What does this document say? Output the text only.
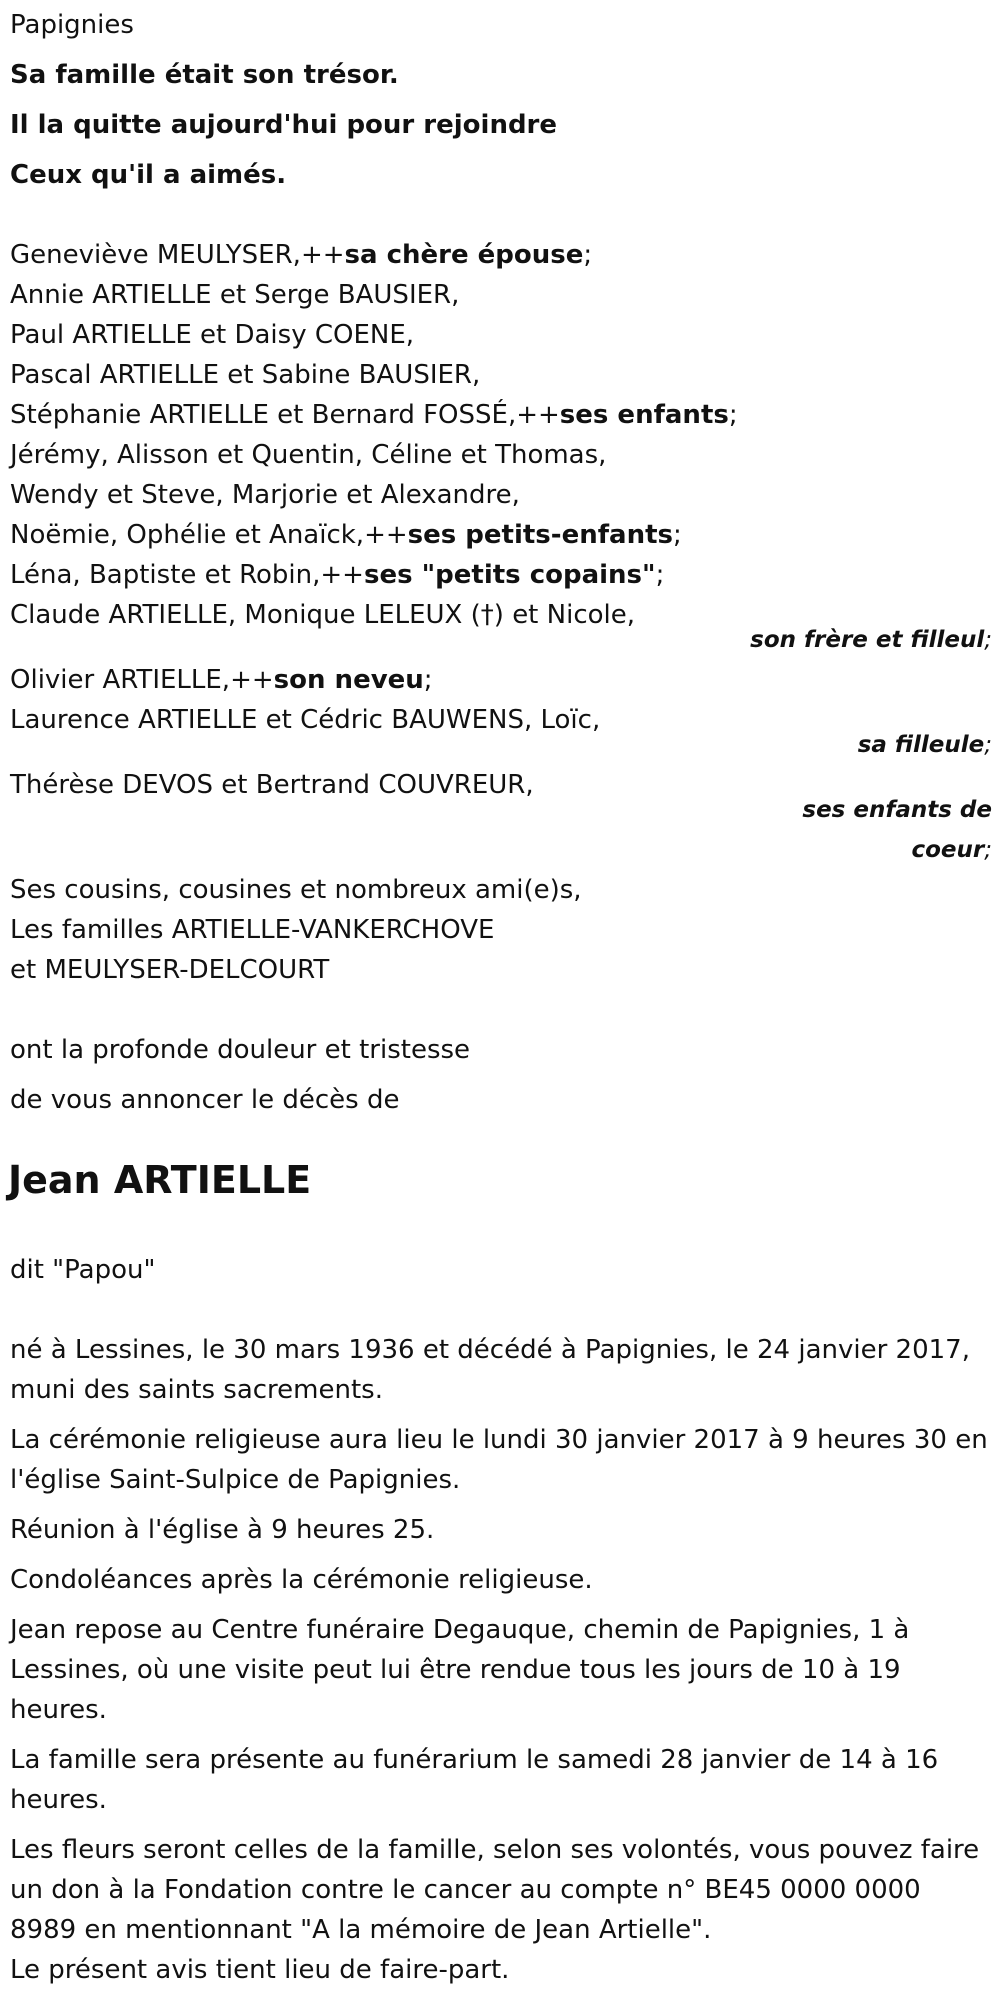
Papignies
Sa famille était son trésor.
Il la quitte aujourd'hui pour rejoindre
Ceux qu'il a aimés.
Geneviève MEULYSER,++sa chère épouse;
Annie ARTIELLE et Serge BAUSIER,
Paul ARTIELLE et Daisy COENE,
Pascal ARTIELLE et Sabine BAUSIER,
Stéphanie ARTIELLE et Bernard FOSSÉ,++ses enfants;
Jérémy, Alisson et Quentin, Céline et Thomas,
Wendy et Steve, Marjorie et Alexandre,
Noëmie, Ophélie et Anaïck,++ses petits-enfants;
Léna, Baptiste et Robin,++ses "petits copains";
Claude ARTIELLE, Monique LELEUX (†) et Nicole,
son frère et filleul;
Olivier ARTIELLE,++son neveu;
Laurence ARTIELLE et Cédric BAUWENS, Loïc,
sa filleule;
Thérèse DEVOS et Bertrand COUVREUR,
ses enfants de
coeur;
Ses cousins, cousines et nombreux ami(e)s,
Les familles ARTIELLE-VANKERCHOVE
et MEULYSER-DELCOURT
ont la profonde douleur et tristesse
de vous annoncer le décès de
Jean ARTIELLE
dit "Papou"
né à Lessines, le 30 mars 1936 et décédé à Papignies, le 24 janvier 2017, muni des saints sacrements.
La cérémonie religieuse aura lieu le lundi 30 janvier 2017 à 9 heures 30 en l'église Saint-Sulpice de Papignies.
Réunion à l'église à 9 heures 25.
Condoléances après la cérémonie religieuse.
Jean repose au Centre funéraire Degauque, chemin de Papignies, 1 à Lessines, où une visite peut lui être rendue tous les jours de 10 à 19 heures.
La famille sera présente au funérarium le samedi 28 janvier de 14 à 16 heures.
Les fleurs seront celles de la famille, selon ses volontés, vous pouvez faire un don à la Fondation contre le cancer au compte n° BE45 0000 0000 8989 en mentionnant "A la mémoire de Jean Artielle".
Le présent avis tient lieu de faire-part.
